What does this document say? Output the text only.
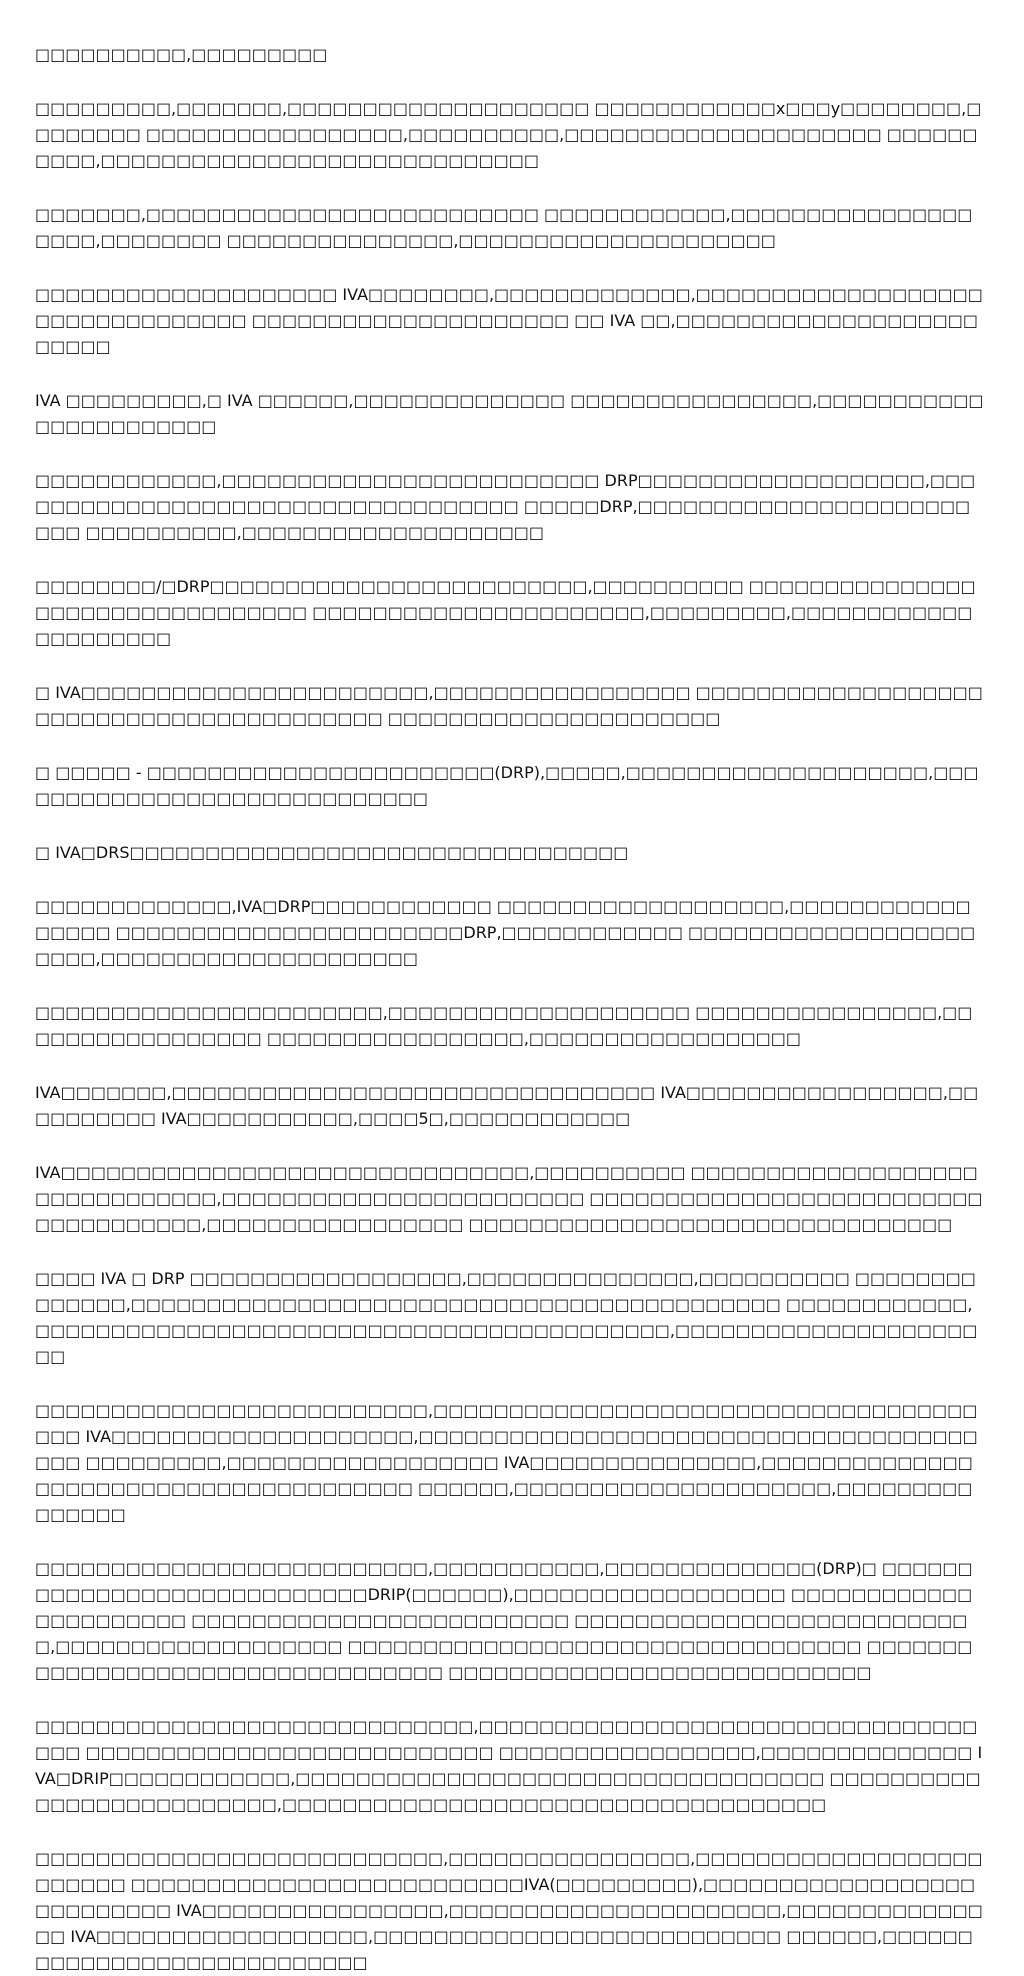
□□□□□□□□□□,□□□□□□□□□

□□□□□□□□□,□□□□□□□,□□□□□□□□□□□□□□□□□□□□ □□□□□□□□□□□□x□□□y□□□□□□□□,□□□□□□□□ □□□□□□□□□□□□□□□□□,□□□□□□□□□□,□□□□□□□□□□□□□□□□□□□□□ □□□□□□□□□□,□□□□□□□□□□□□□□□□□□□□□□□□□□□□□

□□□□□□□,□□□□□□□□□□□□□□□□□□□□□□□□□□ □□□□□□□□□□□□,□□□□□□□□□□□□□□□□□□□□,□□□□□□□□ □□□□□□□□□□□□□□□,□□□□□□□□□□□□□□□□□□□□□

□□□□□□□□□□□□□□□□□□□□ IVA□□□□□□□□,□□□□□□□□□□□□□,□□□□□□□□□□□□□□□□□□□□□□□□□□□□□□□□□ □□□□□□□□□□□□□□□□□□□□□ □□ IVA □□,□□□□□□□□□□□□□□□□□□□□□□□□□

IVA □□□□□□□□□,□ IVA □□□□□□,□□□□□□□□□□□□□□ □□□□□□□□□□□□□□□□,□□□□□□□□□□□□□□□□□□□□□□□

□□□□□□□□□□□□,□□□□□□□□□□□□□□□□□□□□□□□□□ DRP□□□□□□□□□□□□□□□□□□□,□□□□□□□□□□□□□□□□□□□□□□□□□□□□□□□□□□□ □□□□□DRP,□□□□□□□□□□□□□□□□□□□□□□□□□ □□□□□□□□□□,□□□□□□□□□□□□□□□□□□□□

□□□□□□□□/□DRP□□□□□□□□□□□□□□□□□□□□□□□□□,□□□□□□□□□□ □□□□□□□□□□□□□□□□□□□□□□□□□□□□□□□□□ □□□□□□□□□□□□□□□□□□□□□□,□□□□□□□□□,□□□□□□□□□□□□□□□□□□□□□

□ IVA□□□□□□□□□□□□□□□□□□□□□□□,□□□□□□□□□□□□□□□□□ □□□□□□□□□□□□□□□□□□□□□□□□□□□□□□□□□□□□□□□□□□ □□□□□□□□□□□□□□□□□□□□□□

□ □□□□□ - □□□□□□□□□□□□□□□□□□□□□□□(DRP),□□□□□,□□□□□□□□□□□□□□□□□□□□,□□□□□□□□□□□□□□□□□□□□□□□□□□□□□

□ IVA□DRS□□□□□□□□□□□□□□□□□□□□□□□□□□□□□□□□□

□□□□□□□□□□□□□,IVA□DRP□□□□□□□□□□□□ □□□□□□□□□□□□□□□□□□□,□□□□□□□□□□□□□□□□□ □□□□□□□□□□□□□□□□□□□□□□□DRP,□□□□□□□□□□□□ □□□□□□□□□□□□□□□□□□□□□□□,□□□□□□□□□□□□□□□□□□□□□

□□□□□□□□□□□□□□□□□□□□□□□,□□□□□□□□□□□□□□□□□□□□ □□□□□□□□□□□□□□□□,□□□□□□□□□□□□□□□□□ □□□□□□□□□□□□□□□□□,□□□□□□□□□□□□□□□□□□

IVA□□□□□□□,□□□□□□□□□□□□□□□□□□□□□□□□□□□□□□□□ IVA□□□□□□□□□□□□□□□□□,□□□□□□□□□□ IVA□□□□□□□□□□□,□□□□5□,□□□□□□□□□□□□

IVA□□□□□□□□□□□□□□□□□□□□□□□□□□□□□□□,□□□□□□□□□□ □□□□□□□□□□□□□□□□□□□□□□□□□□□□□□□,□□□□□□□□□□□□□□□□□□□□□□□□ □□□□□□□□□□□□□□□□□□□□□□□□□□□□□□□□□□□□□,□□□□□□□□□□□□□□□□□ □□□□□□□□□□□□□□□□□□□□□□□□□□□□□□□□

□□□□ IVA □ DRP □□□□□□□□□□□□□□□□□□,□□□□□□□□□□□□□□□,□□□□□□□□□□ □□□□□□□□□□□□□□,□□□□□□□□□□□□□□□□□□□□□□□□□□□□□□□□□□□□□□□□□□□ □□□□□□□□□□□□,□□□□□□□□□□□□□□□□□□□□□□□□□□□□□□□□□□□□□□□□□□,□□□□□□□□□□□□□□□□□□□□□□

□□□□□□□□□□□□□□□□□□□□□□□□□□,□□□□□□□□□□□□□□□□□□□□□□□□□□□□□□□□□□□□□□□ IVA□□□□□□□□□□□□□□□□□□□□,□□□□□□□□□□□□□□□□□□□□□□□□□□□□□□□□□□□□□□□□ □□□□□□□□□,□□□□□□□□□□□□□□□□□□ IVA□□□□□□□□□□□□□□□,□□□□□□□□□□□□□□□□□□□□□□□□□□□□□□□□□□□□□□□ □□□□□□,□□□□□□□□□□□□□□□□□□□□□,□□□□□□□□□□□□□□□

□□□□□□□□□□□□□□□□□□□□□□□□□□,□□□□□□□□□□□,□□□□□□□□□□□□□□(DRP)□ □□□□□□□□□□□□□□□□□□□□□□□□□□□□DRIP(□□□□□□),□□□□□□□□□□□□□□□□□□ □□□□□□□□□□□□□□□□□□□□□□ □□□□□□□□□□□□□□□□□□□□□□□□□ □□□□□□□□□□□□□□□□□□□□□□□□□□□,□□□□□□□□□□□□□□□□□□□ □□□□□□□□□□□□□□□□□□□□□□□□□□□□□□□□□□ □□□□□□□□□□□□□□□□□□□□□□□□□□□□□□□□□□ □□□□□□□□□□□□□□□□□□□□□□□□□□□□

□□□□□□□□□□□□□□□□□□□□□□□□□□□□□,□□□□□□□□□□□□□□□□□□□□□□□□□□□□□□□□□□□□ □□□□□□□□□□□□□□□□□□□□□□□□□□□ □□□□□□□□□□□□□□□□□,□□□□□□□□□□□□□□ IVA□DRIP□□□□□□□□□□□□,□□□□□□□□□□□□□□□□□□□□□□□□□□□□□□□□□□□ □□□□□□□□□□□□□□□□□□□□□□□□□□,□□□□□□□□□□□□□□□□□□□□□□□□□□□□□□□□□□□□

□□□□□□□□□□□□□□□□□□□□□□□□□□□,□□□□□□□□□□□□□□□□,□□□□□□□□□□□□□□□□□□□□□□□□□ □□□□□□□□□□□□□□□□□□□□□□□□□□IVA(□□□□□□□□□),□□□□□□□□□□□□□□□□□□□□□□□□□□□ IVA□□□□□□□□□□□□□□□□,□□□□□□□□□□□□□□□□□□□□□□,□□□□□□□□□□□□□□□ IVA□□□□□□□□□□□□□□□□□□,□□□□□□□□□□□□□□□□□□□□□□□□□□□ □□□□□□,□□□□□□□□□□□□□□□□□□□□□□□□□□□□
